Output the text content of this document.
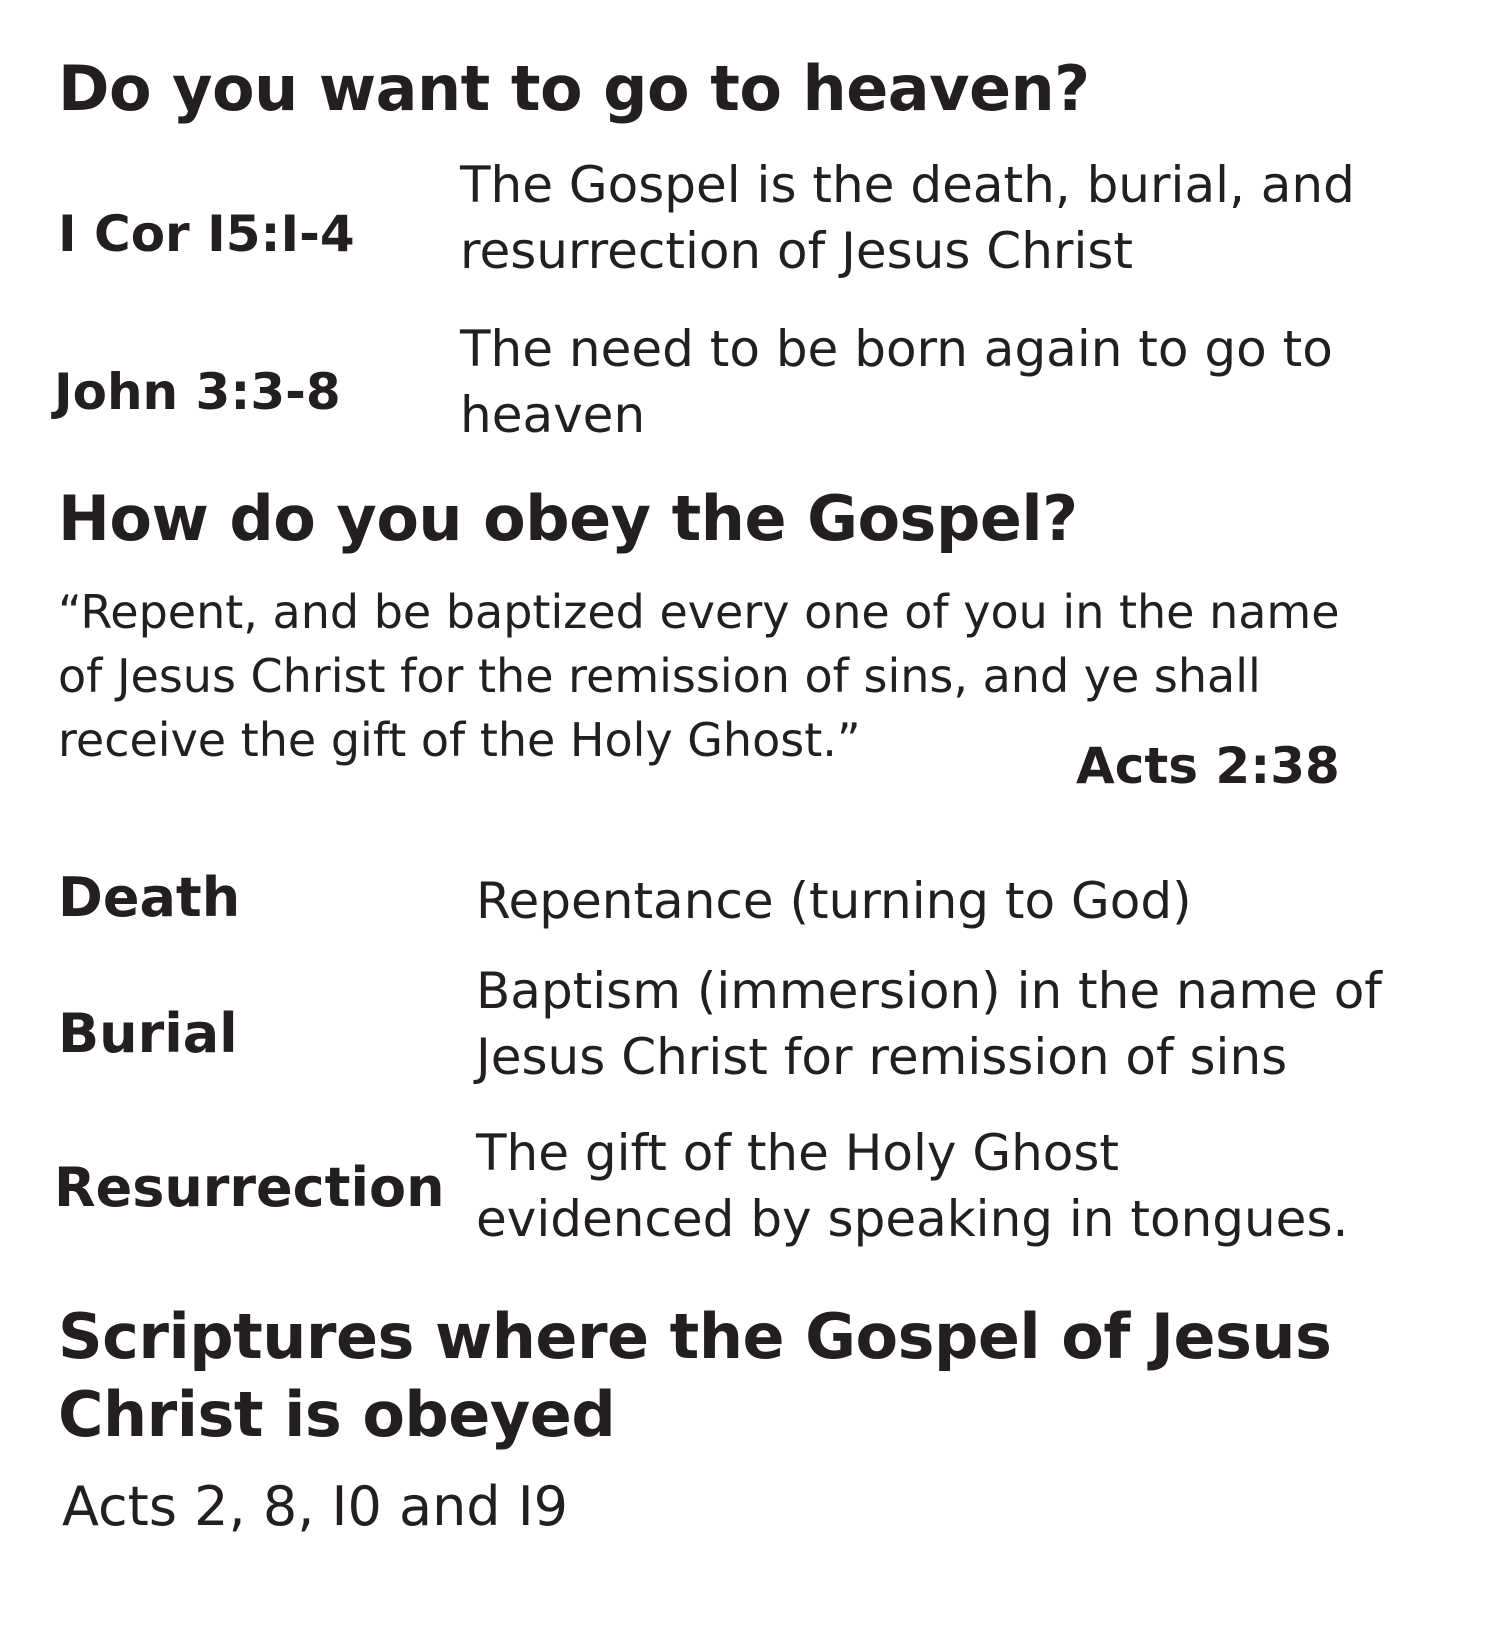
Do you want to go to heaven?
I Cor I5:I-4
The Gospel is the death, burial, and
resurrection of Jesus Christ
John 3:3-8
The need to be born again to go to
heaven
How do you obey the Gospel?
“Repent, and be baptized every one of you in the name
of Jesus Christ for the remission of sins, and ye shall
receive the gift of the Holy Ghost.”	Acts 2:38
Death	Repentance (turning to God)
Burial
Baptism (immersion) in the name of
Jesus Christ for remission of sins
Resurrection
The gift of the Holy Ghost
evidenced by speaking in tongues.
Scriptures where the Gospel of Jesus
Christ is obeyed
Acts 2, 8, I0 and I9
